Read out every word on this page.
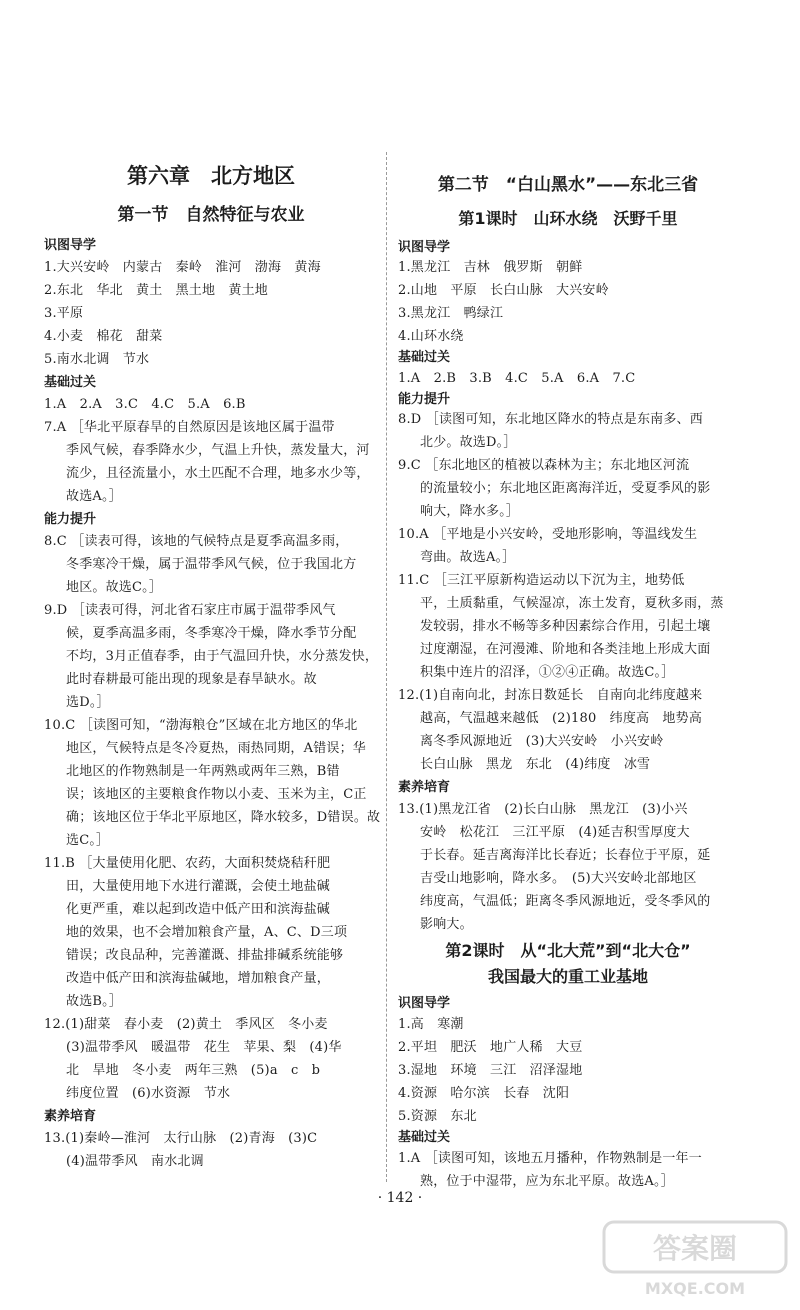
第六章　北方地区
第一节　自然特征与农业
识图导学
1.大兴安岭　内蒙古　秦岭　淮河　渤海　黄海
2.东北　华北　黄土　黑土地　黄土地
3.平原
4.小麦　棉花　甜菜
5.南水北调　节水
基础过关
1.A　2.A　3.C　4.C　5.A　6.B
7.A ［华北平原春旱的自然原因是该地区属于温带
季风气候，春季降水少，气温上升快，蒸发量大，河
流少，且径流量小，水土匹配不合理，地多水少等，
故选A。］
能力提升
8.C ［读表可得，该地的气候特点是夏季高温多雨，
冬季寒冷干燥，属于温带季风气候，位于我国北方
地区。故选C。］
9.D ［读表可得，河北省石家庄市属于温带季风气
候，夏季高温多雨，冬季寒冷干燥，降水季节分配
不均，3月正值春季，由于气温回升快，水分蒸发快，
此时春耕最可能出现的现象是春旱缺水。故
选D。］
10.C ［读图可知，“渤海粮仓”区域在北方地区的华北
地区，气候特点是冬冷夏热，雨热同期，A错误；华
北地区的作物熟制是一年两熟或两年三熟，B错
误；该地区的主要粮食作物以小麦、玉米为主，C正
确；该地区位于华北平原地区，降水较多，D错误。故
选C。］
11.B ［大量使用化肥、农药，大面积焚烧秸秆肥
田，大量使用地下水进行灌溉，会使土地盐碱
化更严重，难以起到改造中低产田和滨海盐碱
地的效果，也不会增加粮食产量，A、C、D三项
错误；改良品种，完善灌溉、排盐排碱系统能够
改造中低产田和滨海盐碱地，增加粮食产量，
故选B。］
12.(1)甜菜　春小麦　(2)黄土　季风区　冬小麦
(3)温带季风　暖温带　花生　苹果、梨　(4)华
北　旱地　冬小麦　两年三熟　(5)a　c　b
纬度位置　(6)水资源　节水
素养培育
13.(1)秦岭—淮河　太行山脉　(2)青海　(3)C
(4)温带季风　南水北调
第二节　“白山黑水”——东北三省
第1课时　山环水绕　沃野千里
识图导学
1.黑龙江　吉林　俄罗斯　朝鲜
2.山地　平原　长白山脉　大兴安岭
3.黑龙江　鸭绿江
4.山环水绕
基础过关
1.A　2.B　3.B　4.C　5.A　6.A　7.C
能力提升
8.D ［读图可知，东北地区降水的特点是东南多、西
北少。故选D。］
9.C ［东北地区的植被以森林为主；东北地区河流
的流量较小；东北地区距离海洋近，受夏季风的影
响大，降水多。］
10.A ［平地是小兴安岭，受地形影响，等温线发生
弯曲。故选A。］
11.C ［三江平原新构造运动以下沉为主，地势低
平，土质黏重，气候湿凉，冻土发育，夏秋多雨，蒸
发较弱，排水不畅等多种因素综合作用，引起土壤
过度潮湿，在河漫滩、阶地和各类洼地上形成大面
积集中连片的沼泽，①②④正确。故选C。］
12.(1)自南向北，封冻日数延长　自南向北纬度越来
越高，气温越来越低　(2)180　纬度高　地势高
离冬季风源地近　(3)大兴安岭　小兴安岭
长白山脉　黑龙　东北　(4)纬度　冰雪
素养培育
13.(1)黑龙江省　(2)长白山脉　黑龙江　(3)小兴
安岭　松花江　三江平原　(4)延吉积雪厚度大
于长春。延吉离海洋比长春近；长春位于平原，延
吉受山地影响，降水多。　(5)大兴安岭北部地区
纬度高，气温低；距离冬季风源地近，受冬季风的
影响大。
第2课时　从“北大荒”到“北大仓”
我国最大的重工业基地
识图导学
1.高　寒潮
2.平坦　肥沃　地广人稀　大豆
3.湿地　环境　三江　沼泽湿地
4.资源　哈尔滨　长春　沈阳
5.资源　东北
基础过关
1.A ［读图可知，该地五月播种，作物熟制是一年一
熟，位于中湿带，应为东北平原。故选A。］
· 142 ·
答案圈
MXQE.COM
